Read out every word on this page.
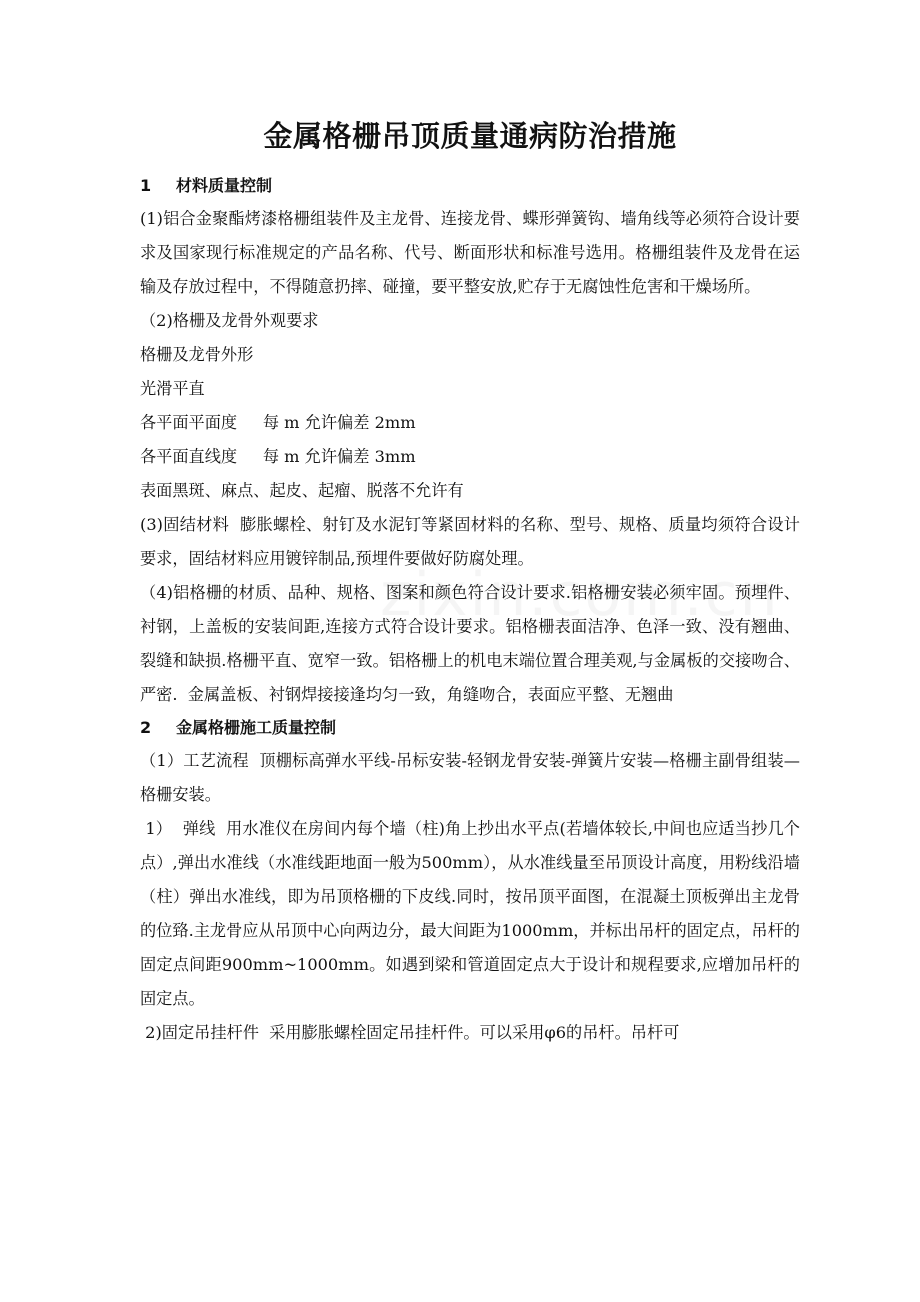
金属格栅吊顶质量通病防治措施
1 材料质量控制

(1)铝合金聚酯烤漆格栅组装件及主龙骨、连接龙骨、蝶形弹簧钩、墙角线等必须符合设计要求及国家现行标准规定的产品名称、代号、断面形状和标准号选用。格栅组装件及龙骨在运输及存放过程中，不得随意扔摔、碰撞，要平整安放,贮存于无腐蚀性危害和干燥场所。

（2)格栅及龙骨外观要求

格栅及龙骨外形

光滑平直

各平面平面度     每 m 允许偏差 2mm

各平面直线度     每 m 允许偏差 3mm

表面黑斑、麻点、起皮、起瘤、脱落不允许有

(3)固结材料  膨胀螺栓、射钉及水泥钉等紧固材料的名称、型号、规格、质量均须符合设计要求，固结材料应用镀锌制品,预埋件要做好防腐处理。

（4)铝格栅的材质、品种、规格、图案和颜色符合设计要求.铝格栅安装必须牢固。预埋件、衬钢，上盖板的安装间距,连接方式符合设计要求。铝格栅表面洁净、色泽一致、没有翘曲、裂缝和缺损.格栅平直、宽窄一致。铝格栅上的机电末端位置合理美观,与金属板的交接吻合、严密.  金属盖板、衬钢焊接接逢均匀一致，角缝吻合，表面应平整、无翘曲

2 金属格栅施工质量控制

（1）工艺流程  顶棚标高弹水平线-吊标安装-轻钢龙骨安装-弹簧片安装—格栅主副骨组装—格栅安装。

1）  弹线  用水准仪在房间内每个墙（柱)角上抄出水平点(若墙体较长,中间也应适当抄几个点）,弹出水准线（水准线距地面一般为500mm），从水准线量至吊顶设计高度，用粉线沿墙（柱）弹出水准线，即为吊顶格栅的下皮线.同时，按吊顶平面图，在混凝土顶板弹出主龙骨的位臵.主龙骨应从吊顶中心向两边分，最大间距为1000mm，并标出吊杆的固定点，吊杆的 固定点间距900mm~1000mm。如遇到梁和管道固定点大于设计和规程要求,应增加吊杆的固定点。

2)固定吊挂杆件  采用膨胀螺栓固定吊挂杆件。可以采用φ6的吊杆。吊杆可
